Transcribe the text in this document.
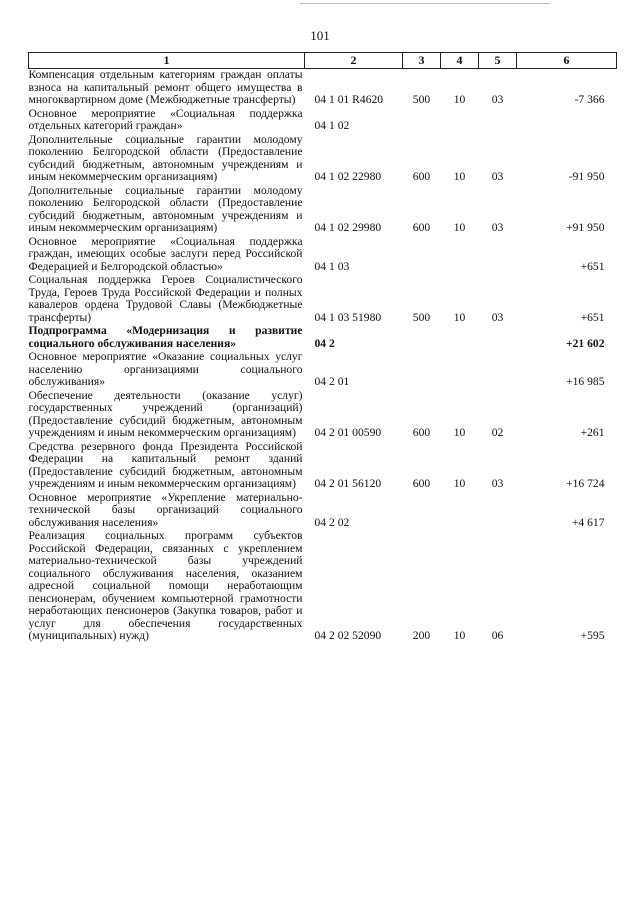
101
1	2	3	4	5	6
Компенсация отдельным категориям граждан оплаты взноса на капитальный ремонт общего имущества в многоквартирном доме (Межбюджетные трансферты)	04 1 01 R4620	500	10	03	-7 366
Основное мероприятие «Социальная поддержка отдельных категорий граждан»	04 1 02				
Дополнительные социальные гарантии молодому поколению Белгородской области (Предоставление субсидий бюджетным, автономным учреждениям и иным некоммерческим организациям)	04 1 02 22980	600	10	03	-91 950
Дополнительные социальные гарантии молодому поколению Белгородской области (Предоставление субсидий бюджетным, автономным учреждениям и иным некоммерческим организациям)	04 1 02 29980	600	10	03	+91 950
Основное мероприятие «Социальная поддержка граждан, имеющих особые заслуги перед Российской Федерацией и Белгородской областью»	04 1 03				+651
Социальная поддержка Героев Социалистического Труда, Героев Труда Российской Федерации и полных кавалеров ордена Трудовой Славы (Межбюджетные трансферты)	04 1 03 51980	500	10	03	+651
Подпрограмма «Модернизация и развитие социального обслуживания населения»	04 2				+21 602
Основное мероприятие «Оказание социальных услуг населению организациями социального обслуживания»	04 2 01				+16 985
Обеспечение деятельности (оказание услуг) государственных учреждений (организаций) (Предоставление субсидий бюджетным, автономным учреждениям и иным некоммерческим организациям)	04 2 01 00590	600	10	02	+261
Средства резервного фонда Президента Российской Федерации на капитальный ремонт зданий (Предоставление субсидий бюджетным, автономным учреждениям и иным некоммерческим организациям)	04 2 01 56120	600	10	03	+16 724
Основное мероприятие «Укрепление материально-технической базы организаций социального обслуживания населения»	04 2 02				+4 617
Реализация социальных программ субъектов Российской Федерации, связанных с укреплением материально-технической базы учреждений социального обслуживания населения, оказанием адресной социальной помощи неработающим пенсионерам, обучением компьютерной грамотности неработающих пенсионеров (Закупка товаров, работ и услуг для обеспечения государственных (муниципальных) нужд)	04 2 02 52090	200	10	06	+595
